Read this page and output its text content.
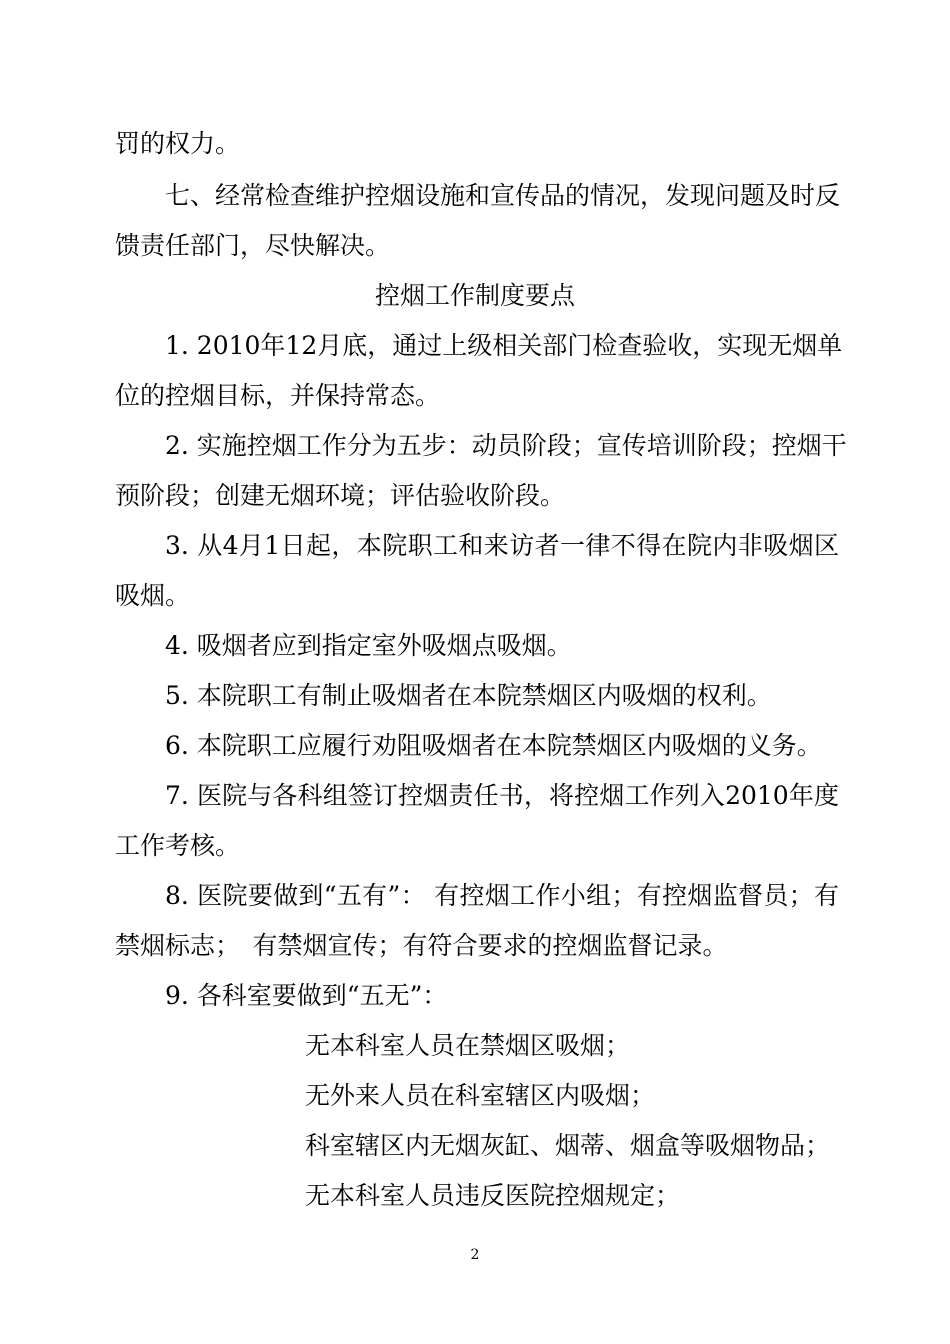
罚的权力。
七、经常检查维护控烟设施和宣传品的情况，发现问题及时反
馈责任部门，尽快解决。
控烟工作制度要点
1. 2010年12月底，通过上级相关部门检查验收，实现无烟单
位的控烟目标，并保持常态。
2. 实施控烟工作分为五步：动员阶段；宣传培训阶段；控烟干
预阶段；创建无烟环境；评估验收阶段。
3. 从4月1日起，本院职工和来访者一律不得在院内非吸烟区
吸烟。
4. 吸烟者应到指定室外吸烟点吸烟。
5. 本院职工有制止吸烟者在本院禁烟区内吸烟的权利。
6. 本院职工应履行劝阻吸烟者在本院禁烟区内吸烟的义务。
7. 医院与各科组签订控烟责任书，将控烟工作列入2010年度
工作考核。
8. 医院要做到“五有”： 有控烟工作小组；有控烟监督员；有
禁烟标志；　有禁烟宣传；有符合要求的控烟监督记录。
9. 各科室要做到“五无”：
无本科室人员在禁烟区吸烟；
无外来人员在科室辖区内吸烟；
科室辖区内无烟灰缸、烟蒂、烟盒等吸烟物品；
无本科室人员违反医院控烟规定；
2
